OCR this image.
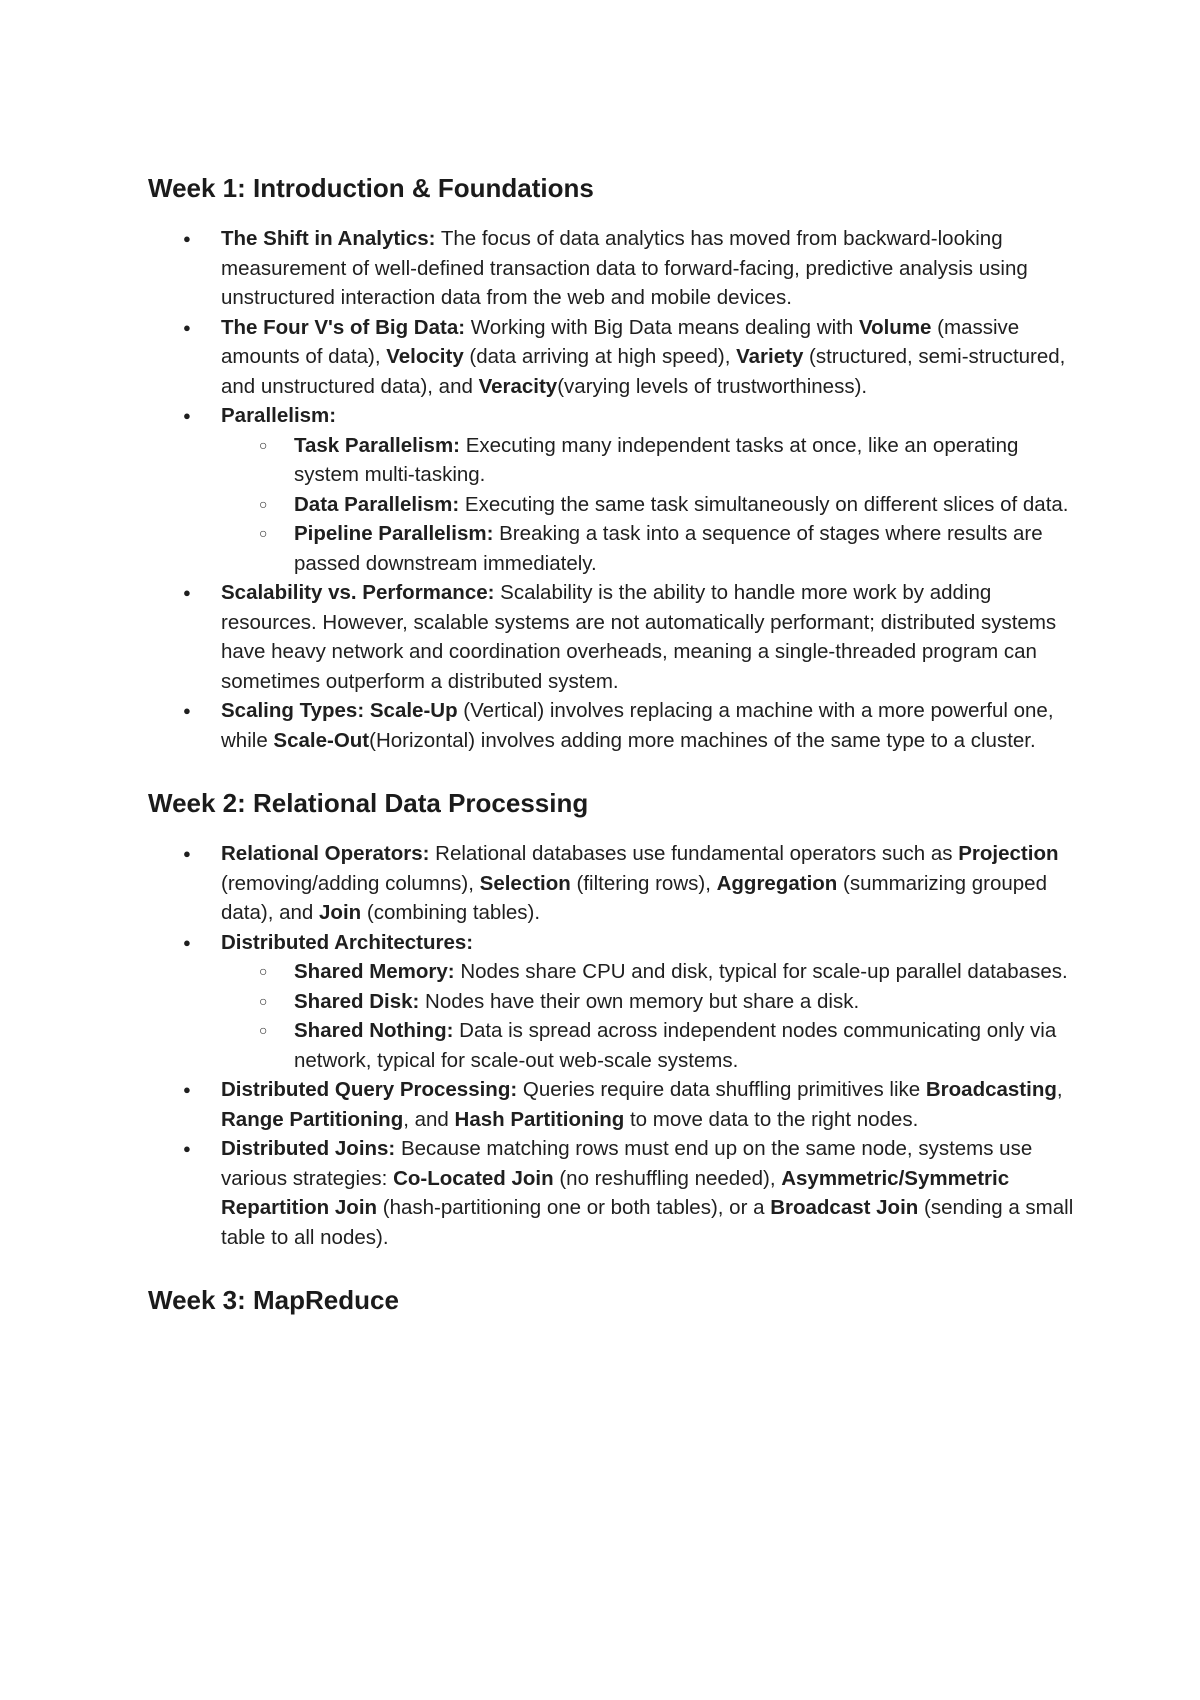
Week 1: Introduction & Foundations
● The Shift in Analytics: The focus of data analytics has moved from backward-looking measurement of well-defined transaction data to forward-facing, predictive analysis using unstructured interaction data from the web and mobile devices.
● The Four V's of Big Data: Working with Big Data means dealing with Volume (massive amounts of data), Velocity (data arriving at high speed), Variety (structured, semi-structured, and unstructured data), and Veracity(varying levels of trustworthiness).
● Parallelism:
○ Task Parallelism: Executing many independent tasks at once, like an operating system multi-tasking.
○ Data Parallelism: Executing the same task simultaneously on different slices of data.
○ Pipeline Parallelism: Breaking a task into a sequence of stages where results are passed downstream immediately.
● Scalability vs. Performance: Scalability is the ability to handle more work by adding resources. However, scalable systems are not automatically performant; distributed systems have heavy network and coordination overheads, meaning a single-threaded program can sometimes outperform a distributed system.
● Scaling Types: Scale-Up (Vertical) involves replacing a machine with a more powerful one, while Scale-Out(Horizontal) involves adding more machines of the same type to a cluster.
Week 2: Relational Data Processing
● Relational Operators: Relational databases use fundamental operators such as Projection (removing/adding columns), Selection (filtering rows), Aggregation (summarizing grouped data), and Join (combining tables).
● Distributed Architectures:
○ Shared Memory: Nodes share CPU and disk, typical for scale-up parallel databases.
○ Shared Disk: Nodes have their own memory but share a disk.
○ Shared Nothing: Data is spread across independent nodes communicating only via network, typical for scale-out web-scale systems.
● Distributed Query Processing: Queries require data shuffling primitives like Broadcasting, Range Partitioning, and Hash Partitioning to move data to the right nodes.
● Distributed Joins: Because matching rows must end up on the same node, systems use various strategies: Co-Located Join (no reshuffling needed), Asymmetric/Symmetric Repartition Join (hash-partitioning one or both tables), or a Broadcast Join (sending a small table to all nodes).
Week 3: MapReduce
